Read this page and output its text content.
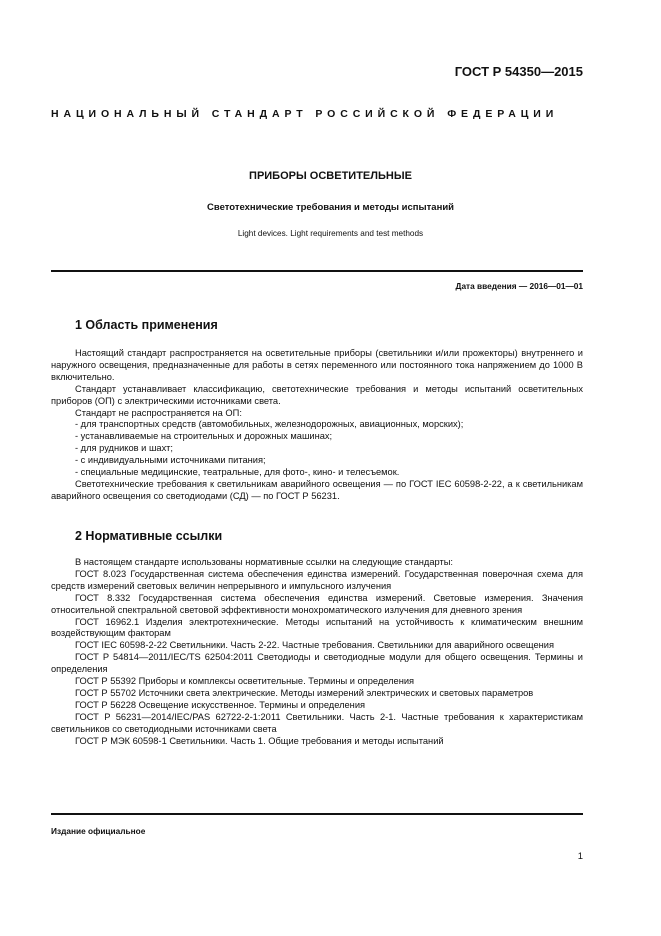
ГОСТ Р 54350—2015
НАЦИОНАЛЬНЫЙ СТАНДАРТ РОССИЙСКОЙ ФЕДЕРАЦИИ
ПРИБОРЫ ОСВЕТИТЕЛЬНЫЕ
Светотехнические требования и методы испытаний
Light devices. Light requirements and test methods
Дата введения — 2016—01—01
1 Область применения

Настоящий стандарт распространяется на осветительные приборы (светильники и/или прожекторы) внутреннего и наружного освещения, предназначенные для работы в сетях переменного или постоянного тока напряжением до 1000 В включительно.

Стандарт устанавливает классификацию, светотехнические требования и методы испытаний осветительных приборов (ОП) с электрическими источниками света.

Стандарт не распространяется на ОП:

- для транспортных средств (автомобильных, железнодорожных, авиационных, морских);

- устанавливаемые на строительных и дорожных машинах;

- для рудников и шахт;

- с индивидуальными источниками питания;

- специальные медицинские, театральные, для фото-, кино- и телесъемок.

Светотехнические требования к светильникам аварийного освещения — по ГОСТ IEC 60598-2-22, а к светильникам аварийного освещения со светодиодами (СД) — по ГОСТ Р 56231.

2 Нормативные ссылки

В настоящем стандарте использованы нормативные ссылки на следующие стандарты:

ГОСТ 8.023 Государственная система обеспечения единства измерений. Государственная поверочная схема для средств измерений световых величин непрерывного и импульсного излучения

ГОСТ 8.332 Государственная система обеспечения единства измерений. Световые измерения. Значения относительной спектральной световой эффективности монохроматического излучения для дневного зрения

ГОСТ 16962.1 Изделия электротехнические. Методы испытаний на устойчивость к климатическим внешним воздействующим факторам

ГОСТ IEC 60598-2-22 Светильники. Часть 2-22. Частные требования. Светильники для аварийного освещения

ГОСТ Р 54814—2011/IEC/TS 62504:2011 Светодиоды и светодиодные модули для общего освещения. Термины и определения

ГОСТ Р 55392 Приборы и комплексы осветительные. Термины и определения

ГОСТ Р 55702 Источники света электрические. Методы измерений электрических и световых параметров

ГОСТ Р 56228 Освещение искусственное. Термины и определения

ГОСТ Р 56231—2014/IEC/PAS 62722-2-1:2011 Светильники. Часть 2-1. Частные требования к характеристикам светильников со светодиодными источниками света

ГОСТ Р МЭК 60598-1 Светильники. Часть 1. Общие требования и методы испытаний

Издание официальное
1
